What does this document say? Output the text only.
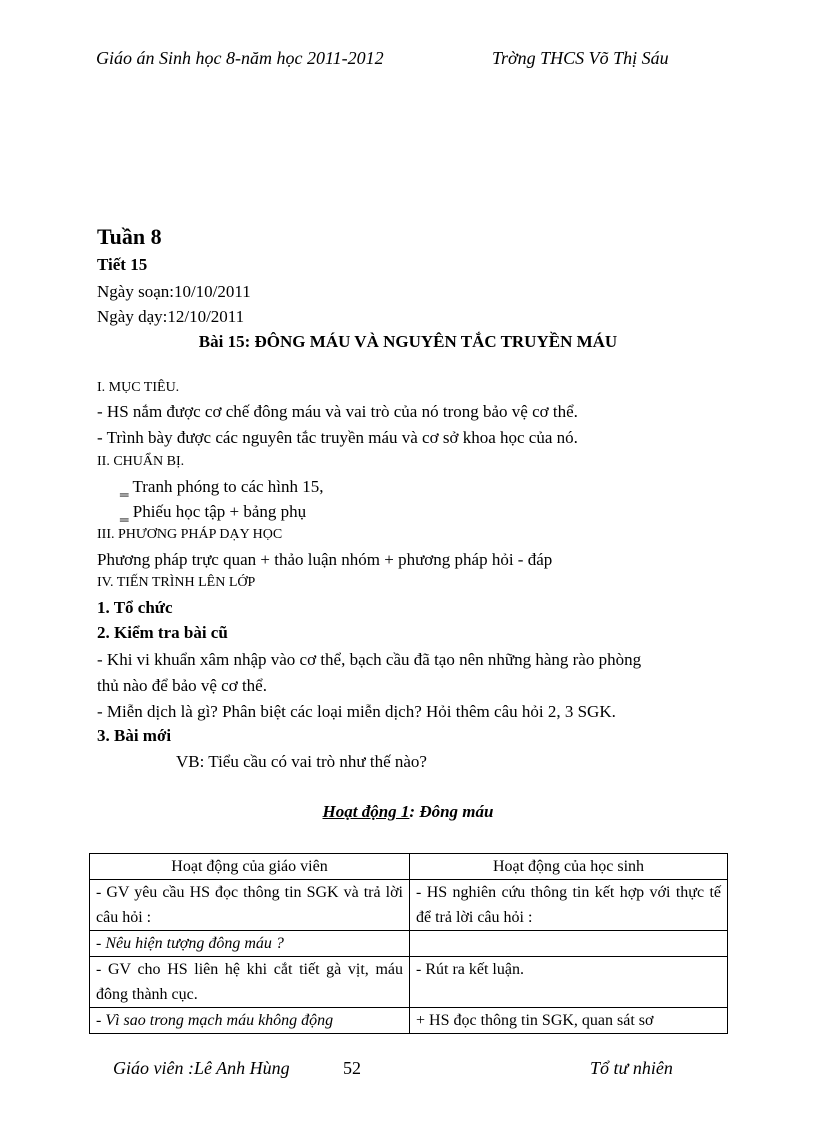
Giáo án Sinh học 8-năm học 2011-2012	Trờng THCS Võ Thị Sáu
Tuần 8
Tiết 15
Ngày soạn:10/10/2011
Ngày dạy:12/10/2011
Bài 15: ĐÔNG MÁU VÀ NGUYÊN TẮC TRUYỀN MÁU
I. MỤC TIÊU.
- HS nắm được cơ chế đông máu và vai trò của nó trong bảo vệ cơ thể.
- Trình bày được các nguyên tắc truyền máu và cơ sở khoa học của nó.
II. CHUẨN BỊ.
‗ Tranh phóng to các hình 15,
‗ Phiếu học tập + bảng phụ
III. PHƯƠNG PHÁP DẠY HỌC
Phương pháp trực quan + thảo luận nhóm + phương pháp hỏi - đáp
IV. TIẾN TRÌNH LÊN LỚP
1. Tổ chức
2. Kiểm tra bài cũ
- Khi vi khuẩn xâm nhập vào cơ thể, bạch cầu đã tạo nên những hàng rào phòng
thủ nào để bảo vệ cơ thể.
- Miễn dịch là gì? Phân biệt các loại miễn dịch? Hỏi thêm câu hỏi 2, 3 SGK.
3. Bài mới
VB: Tiểu cầu có vai trò như thế nào?
Hoạt động 1: Đông máu
Hoạt động của giáo viên	Hoạt động của học sinh

- GV yêu cầu HS đọc thông tin SGK và trả lời câu hỏi :	- HS nghiên cứu thông tin kết hợp với thực tế để trả lời câu hỏi :

- Nêu hiện tượng đông máu ?	

- GV cho HS liên hệ khi cắt tiết gà vịt, máu đông thành cục.	- Rút ra kết luận.

- Vì sao trong mạch máu không động	+ HS đọc thông tin SGK, quan sát sơ
Giáo viên :Lê Anh Hùng	52	Tổ tư nhiên
